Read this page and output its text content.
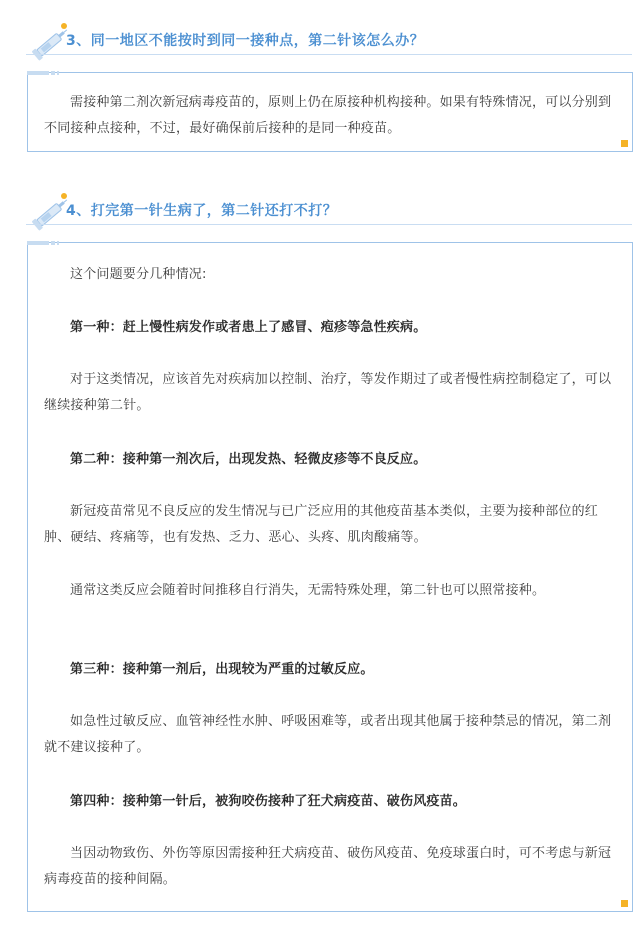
3、同一地区不能按时到同一接种点，第二针该怎么办？
需接种第二剂次新冠病毒疫苗的，原则上仍在原接种机构接种。如果有特殊情况，可以分别到不同接种点接种，不过，最好确保前后接种的是同一种疫苗。
4、打完第一针生病了，第二针还打不打？
这个问题要分几种情况:
第一种：赶上慢性病发作或者患上了感冒、疱疹等急性疾病。
对于这类情况，应该首先对疾病加以控制、治疗，等发作期过了或者慢性病控制稳定了，可以继续接种第二针。
第二种：接种第一剂次后，出现发热、轻微皮疹等不良反应。
新冠疫苗常见不良反应的发生情况与已广泛应用的其他疫苗基本类似，主要为接种部位的红肿、硬结、疼痛等，也有发热、乏力、恶心、头疼、肌肉酸痛等。
通常这类反应会随着时间推移自行消失，无需特殊处理，第二针也可以照常接种。
第三种：接种第一剂后，出现较为严重的过敏反应。
如急性过敏反应、血管神经性水肿、呼吸困难等，或者出现其他属于接种禁忌的情况，第二剂就不建议接种了。
第四种：接种第一针后，被狗咬伤接种了狂犬病疫苗、破伤风疫苗。
当因动物致伤、外伤等原因需接种狂犬病疫苗、破伤风疫苗、免疫球蛋白时，可不考虑与新冠病毒疫苗的接种间隔。
